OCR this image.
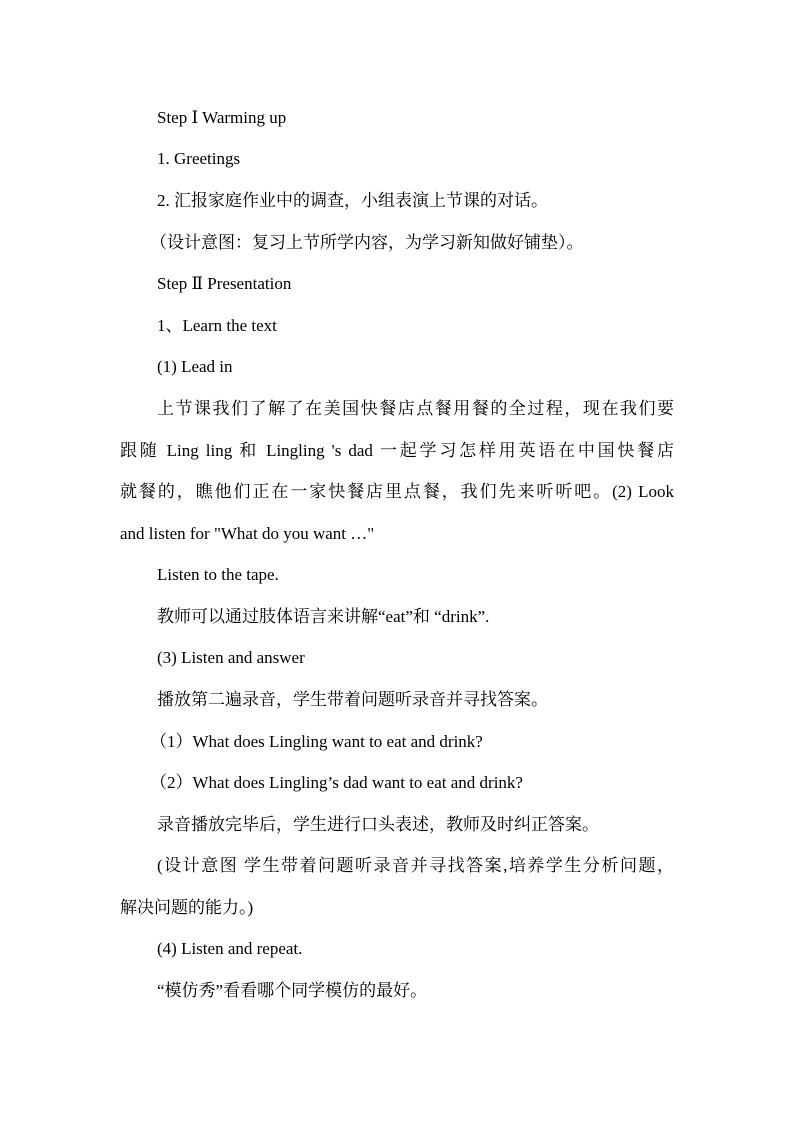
Step Ⅰ Warming up
1. Greetings
2. 汇报家庭作业中的调查，小组表演上节课的对话。
（设计意图：复习上节所学内容，为学习新知做好铺垫）。
Step Ⅱ Presentation
1、Learn the text
(1) Lead in
上节课我们了解了在美国快餐店点餐用餐的全过程，现在我们要
跟随 Ling ling 和 Lingling 's dad 一起学习怎样用英语在中国快餐店
就餐的，瞧他们正在一家快餐店里点餐，我们先来听听吧。(2) Look
and listen for "What do you want …"
Listen to the tape.
教师可以通过肢体语言来讲解“eat”和 “drink”.
(3) Listen and answer
播放第二遍录音，学生带着问题听录音并寻找答案。
（1）What does Lingling want to eat and drink?
（2）What does Lingling’s dad want to eat and drink?
录音播放完毕后，学生进行口头表述，教师及时纠正答案。
(设计意图 学生带着问题听录音并寻找答案,培养学生分析问题，
解决问题的能力。)
(4) Listen and repeat.
“模仿秀”看看哪个同学模仿的最好。
